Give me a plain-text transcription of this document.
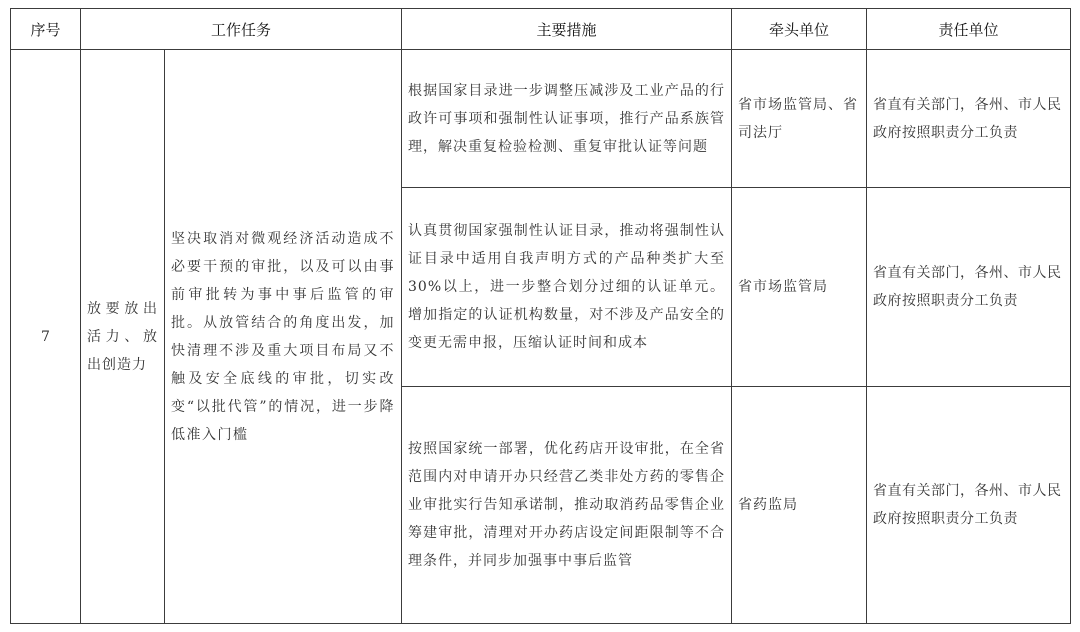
序号	工作任务		主要措施	牵头单位	责任单位
7	放要放出活力、放出创造力	坚决取消对微观经济活动造成不必要干预的审批，以及可以由事前审批转为事中事后监管的审批。从放管结合的角度出发，加快清理不涉及重大项目布局又不触及安全底线的审批，切实改变“以批代管”的情况，进一步降低准入门槛	根据国家目录进一步调整压减涉及工业产品的行政许可事项和强制性认证事项，推行产品系族管理，解决重复检验检测、重复审批认证等问题	省市场监管局、省司法厅	省直有关部门，各州、市人民政府按照职责分工负责
			认真贯彻国家强制性认证目录，推动将强制性认证目录中适用自我声明方式的产品种类扩大至30%以上，进一步整合划分过细的认证单元。增加指定的认证机构数量，对不涉及产品安全的变更无需申报，压缩认证时间和成本	省市场监管局	省直有关部门，各州、市人民政府按照职责分工负责
			按照国家统一部署，优化药店开设审批，在全省范围内对申请开办只经营乙类非处方药的零售企业审批实行告知承诺制，推动取消药品零售企业筹建审批，清理对开办药店设定间距限制等不合理条件，并同步加强事中事后监管	省药监局	省直有关部门，各州、市人民政府按照职责分工负责
